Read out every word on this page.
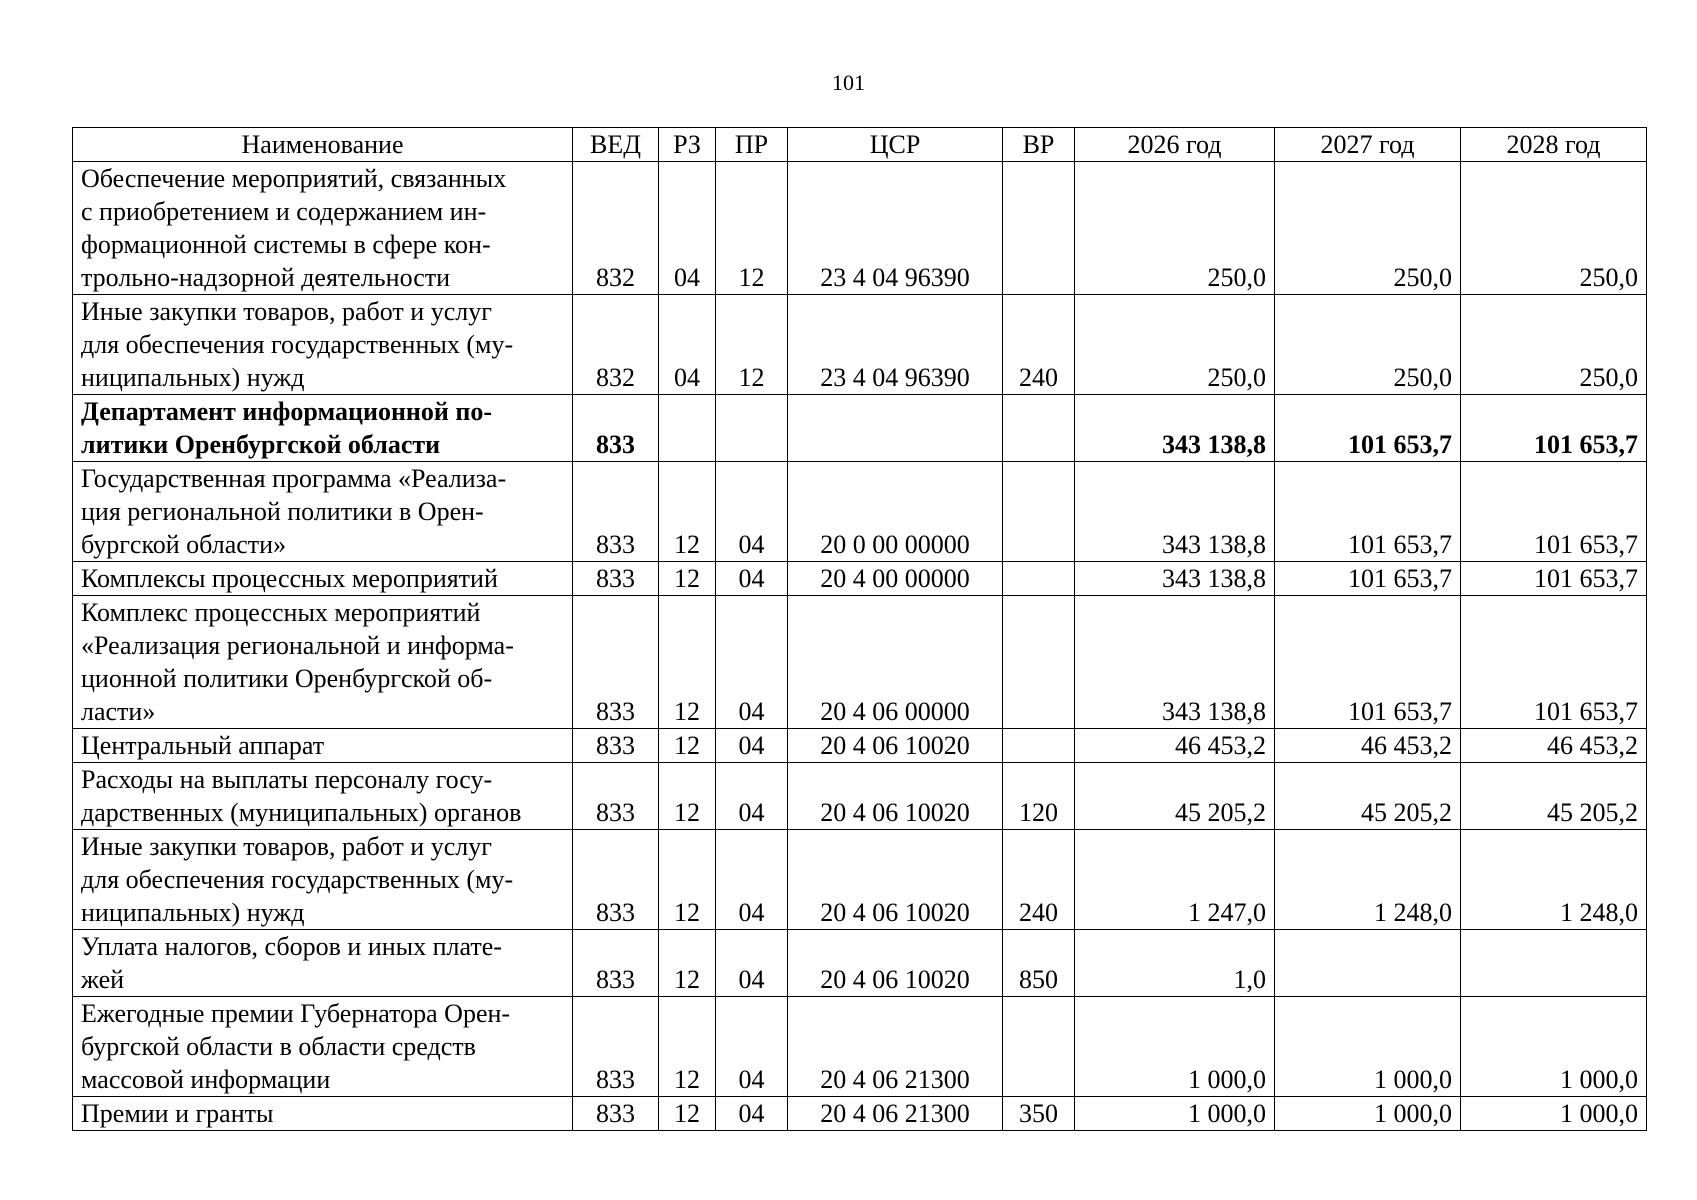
101
Наименование	ВЕД	РЗ	ПР	ЦСР	ВР	2026 год	2027 год	2028 год

Обеспечение мероприятий, связанных
с приобретением и содержанием ин-
формационной системы в сфере кон-
трольно-надзорной деятельности	832	04	12	23 4 04 96390		250,0	250,0	250,0

Иные закупки товаров, работ и услуг
для обеспечения государственных (му-
ниципальных) нужд	832	04	12	23 4 04 96390	240	250,0	250,0	250,0

Департамент информационной по-
литики Оренбургской области	833					343 138,8	101 653,7	101 653,7

Государственная программа «Реализа-
ция региональной политики в Орен-
бургской области»	833	12	04	20 0 00 00000		343 138,8	101 653,7	101 653,7

Комплексы процессных мероприятий	833	12	04	20 4 00 00000		343 138,8	101 653,7	101 653,7

Комплекс процессных мероприятий
«Реализация региональной и информа-
ционной политики Оренбургской об-
ласти»	833	12	04	20 4 06 00000		343 138,8	101 653,7	101 653,7

Центральный аппарат	833	12	04	20 4 06 10020		46 453,2	46 453,2	46 453,2

Расходы на выплаты персоналу госу-
дарственных (муниципальных) органов	833	12	04	20 4 06 10020	120	45 205,2	45 205,2	45 205,2

Иные закупки товаров, работ и услуг
для обеспечения государственных (му-
ниципальных) нужд	833	12	04	20 4 06 10020	240	1 247,0	1 248,0	1 248,0

Уплата налогов, сборов и иных плате-
жей	833	12	04	20 4 06 10020	850	1,0		

Ежегодные премии Губернатора Орен-
бургской области в области средств
массовой информации	833	12	04	20 4 06 21300		1 000,0	1 000,0	1 000,0

Премии и гранты	833	12	04	20 4 06 21300	350	1 000,0	1 000,0	1 000,0
